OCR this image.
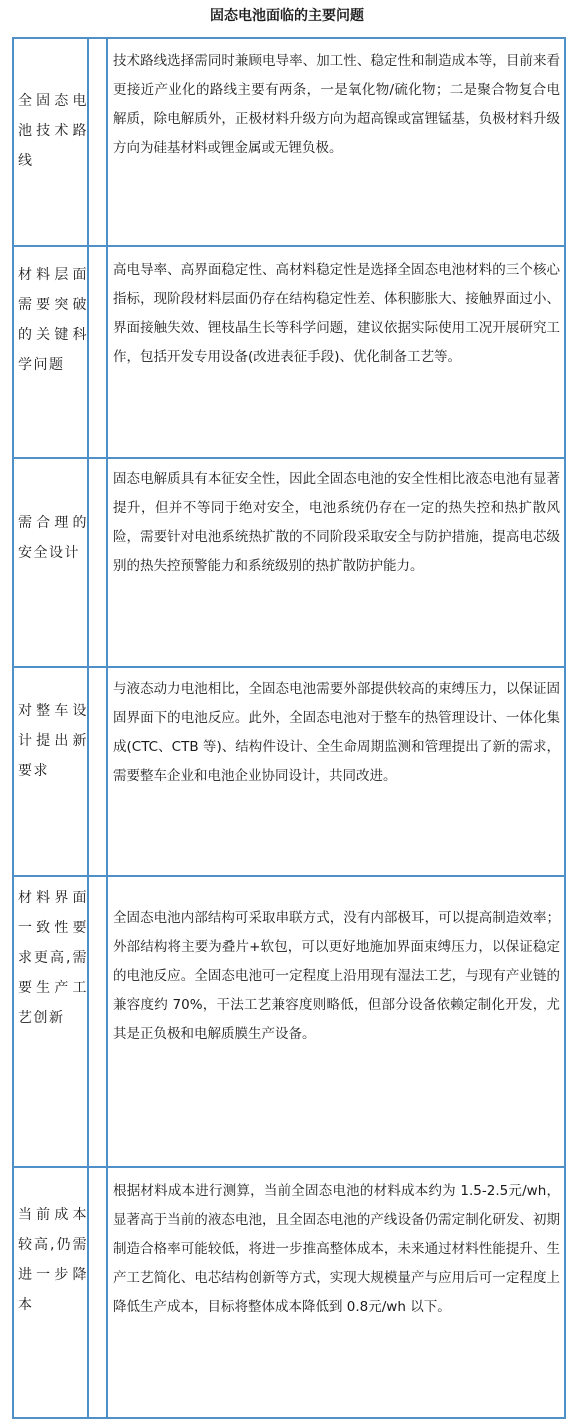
固态电池面临的主要问题
全固态电池技术路线
技术路线选择需同时兼顾电导率、加工性、稳定性和制造成本等，目前来看更接近产业化的路线主要有两条，一是氧化物/硫化物；二是聚合物复合电解质，除电解质外，正极材料升级方向为超高镍或富锂锰基，负极材料升级方向为硅基材料或锂金属或无锂负极。
材料层面需要突破的关键科学问题
高电导率、高界面稳定性、高材料稳定性是选择全固态电池材料的三个核心指标，现阶段材料层面仍存在结构稳定性差、体积膨胀大、接触界面过小、界面接触失效、锂枝晶生长等科学问题，建议依据实际使用工况开展研究工作，包括开发专用设备(改进表征手段)、优化制备工艺等。
需合理的安全设计
固态电解质具有本征安全性，因此全固态电池的安全性相比液态电池有显著提升，但并不等同于绝对安全，电池系统仍存在一定的热失控和热扩散风险，需要针对电池系统热扩散的不同阶段采取安全与防护措施，提高电芯级别的热失控预警能力和系统级别的热扩散防护能力。
对整车设计提出新要求
与液态动力电池相比，全固态电池需要外部提供较高的束缚压力，以保证固固界面下的电池反应。此外，全固态电池对于整车的热管理设计、一体化集成(CTC、CTB 等)、结构件设计、全生命周期监测和管理提出了新的需求，需要整车企业和电池企业协同设计，共同改进。
材料界面一致性要求更高,需要生产工艺创新
全固态电池内部结构可采取串联方式，没有内部极耳，可以提高制造效率；外部结构将主要为叠片+软包，可以更好地施加界面束缚压力，以保证稳定的电池反应。全固态电池可一定程度上沿用现有湿法工艺，与现有产业链的兼容度约 70%，干法工艺兼容度则略低，但部分设备依赖定制化开发，尤其是正负极和电解质膜生产设备。
当前成本较高,仍需进一步降本
根据材料成本进行测算，当前全固态电池的材料成本约为 1.5-2.5元/wh，显著高于当前的液态电池，且全固态电池的产线设备仍需定制化研发、初期制造合格率可能较低，将进一步推高整体成本，未来通过材料性能提升、生产工艺简化、电芯结构创新等方式，实现大规模量产与应用后可一定程度上降低生产成本，目标将整体成本降低到 0.8元/wh 以下。
